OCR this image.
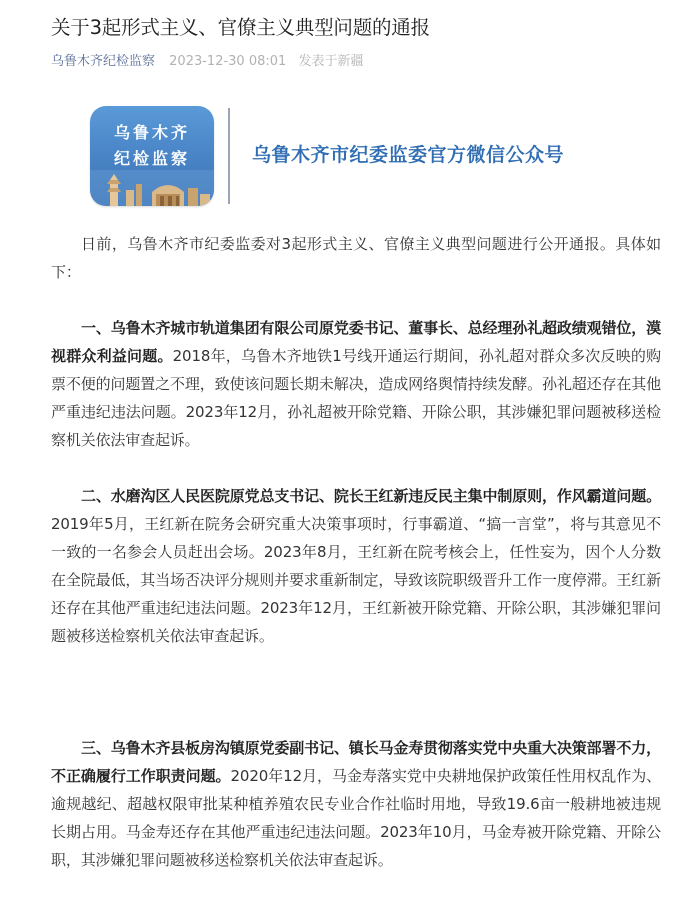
关于3起形式主义、官僚主义典型问题的通报
乌鲁木齐纪检监察 2023-12-30 08:01 发表于新疆
乌鲁木齐
纪检监察	乌鲁木齐市纪委监委官方微信公众号

日前，乌鲁木齐市纪委监委对3起形式主义、官僚主义典型问题进行公开通报。具体如下：

一、乌鲁木齐城市轨道集团有限公司原党委书记、董事长、总经理孙礼超政绩观错位，漠视群众利益问题。2018年，乌鲁木齐地铁1号线开通运行期间，孙礼超对群众多次反映的购票不便的问题置之不理，致使该问题长期未解决，造成网络舆情持续发酵。孙礼超还存在其他严重违纪违法问题。2023年12月，孙礼超被开除党籍、开除公职，其涉嫌犯罪问题被移送检察机关依法审查起诉。

二、水磨沟区人民医院原党总支书记、院长王红新违反民主集中制原则，作风霸道问题。2019年5月，王红新在院务会研究重大决策事项时，行事霸道、“搞一言堂”，将与其意见不一致的一名参会人员赶出会场。2023年8月，王红新在院考核会上，任性妄为，因个人分数在全院最低，其当场否决评分规则并要求重新制定，导致该院职级晋升工作一度停滞。王红新还存在其他严重违纪违法问题。2023年12月，王红新被开除党籍、开除公职，其涉嫌犯罪问题被移送检察机关依法审查起诉。

三、乌鲁木齐县板房沟镇原党委副书记、镇长马金寿贯彻落实党中央重大决策部署不力，不正确履行工作职责问题。2020年12月，马金寿落实党中央耕地保护政策任性用权乱作为、逾规越纪、超越权限审批某种植养殖农民专业合作社临时用地，导致19.6亩一般耕地被违规长期占用。马金寿还存在其他严重违纪违法问题。2023年10月，马金寿被开除党籍、开除公职，其涉嫌犯罪问题被移送检察机关依法审查起诉。
